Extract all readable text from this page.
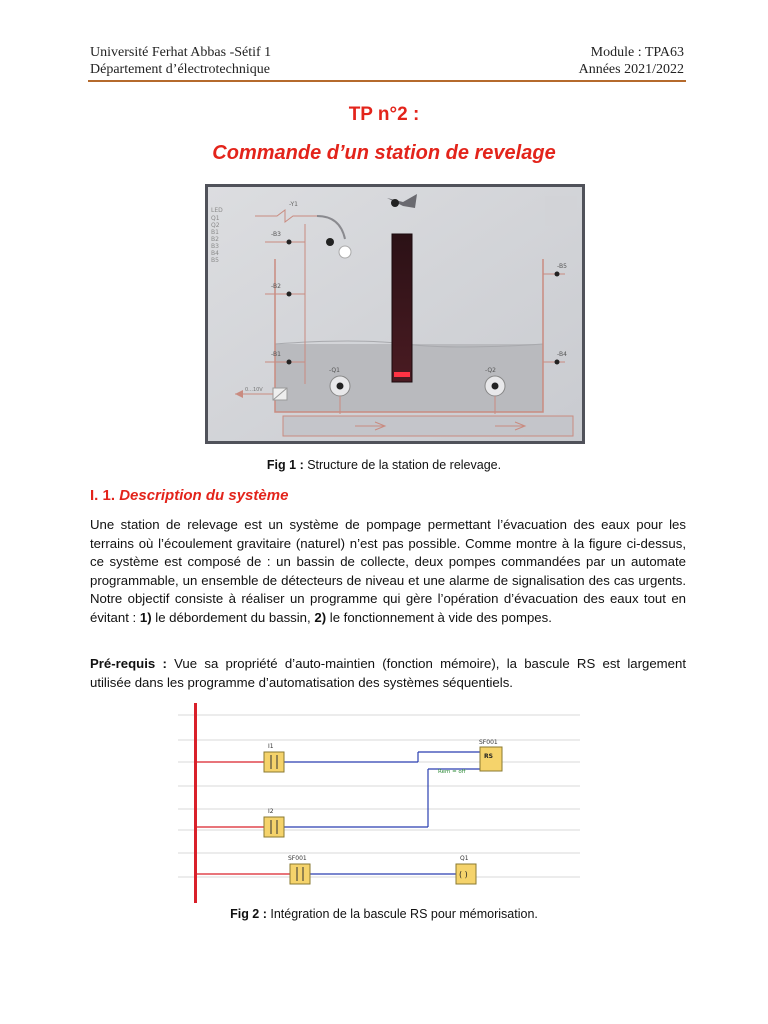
Université Ferhat Abbas -Sétif 1
Département d’électrotechnique
Module : TPA63
Années 2021/2022
TP n°2 :
Commande d’un station de revelage
LED
Q1
Q2
B1
B2
B3
B4
B5
-Y1
-B3
-B2
-B1
-B5
-B4
-Q1	-Q2
0...10V
Fig 1 : Structure de la station de relevage.
I. 1. Description du système
Une station de relevage est un système de pompage permettant l’évacuation des eaux pour les terrains où l’écoulement gravitaire (naturel) n’est pas possible. Comme montre à la figure ci-dessus, ce système est composé de : un bassin de collecte, deux pompes commandées par un automate programmable, un ensemble de détecteurs de niveau et une alarme de signalisation des cas urgents. Notre objectif consiste à réaliser un programme qui gère l’opération d’évacuation des eaux tout en évitant : 1) le débordement du bassin, 2) le fonctionnement à vide des pompes.
Pré-requis : Vue sa propriété d’auto-maintien (fonction mémoire), la bascule RS est largement utilisée dans les programme d’automatisation des systèmes séquentiels.
I1
I2
RS
SF001
Rem = off
SF001
( )
Q1
Fig 2 : Intégration de la bascule RS pour mémorisation.
